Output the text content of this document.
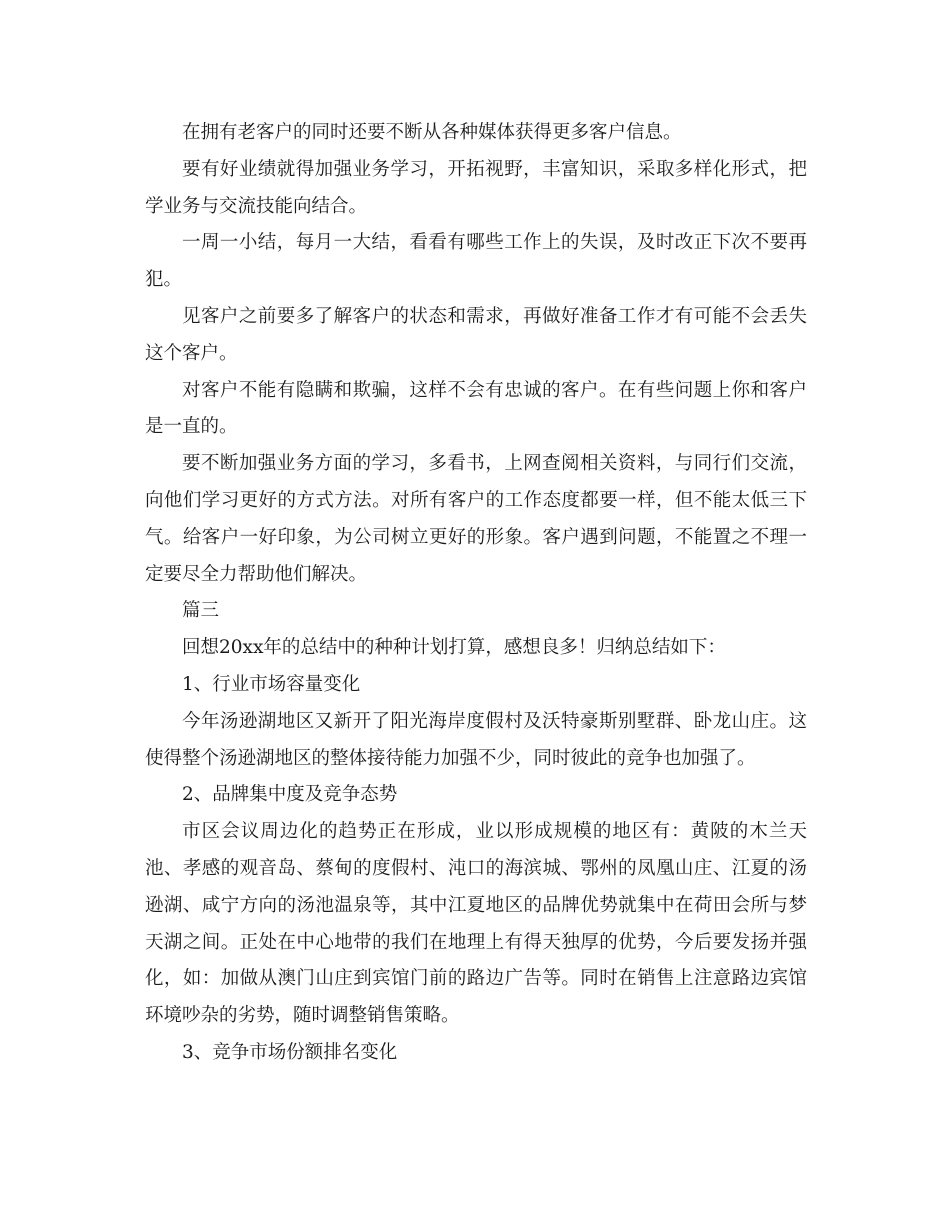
在拥有老客户的同时还要不断从各种媒体获得更多客户信息。

要有好业绩就得加强业务学习，开拓视野，丰富知识，采取多样化形式，把学业务与交流技能向结合。

一周一小结，每月一大结，看看有哪些工作上的失误，及时改正下次不要再犯。

见客户之前要多了解客户的状态和需求，再做好准备工作才有可能不会丢失这个客户。

对客户不能有隐瞒和欺骗，这样不会有忠诚的客户。在有些问题上你和客户是一直的。

要不断加强业务方面的学习，多看书，上网查阅相关资料，与同行们交流，向他们学习更好的方式方法。对所有客户的工作态度都要一样，但不能太低三下气。给客户一好印象，为公司树立更好的形象。客户遇到问题，不能置之不理一定要尽全力帮助他们解决。

篇三

回想20xx年的总结中的种种计划打算，感想良多！归纳总结如下：

1、行业市场容量变化

今年汤逊湖地区又新开了阳光海岸度假村及沃特豪斯别墅群、卧龙山庄。这使得整个汤逊湖地区的整体接待能力加强不少，同时彼此的竞争也加强了。

2、品牌集中度及竞争态势

市区会议周边化的趋势正在形成，业以形成规模的地区有：黄陂的木兰天池、孝感的观音岛、蔡甸的度假村、沌口的海滨城、鄂州的凤凰山庄、江夏的汤逊湖、咸宁方向的汤池温泉等，其中江夏地区的品牌优势就集中在荷田会所与梦天湖之间。正处在中心地带的我们在地理上有得天独厚的优势，今后要发扬并强化，如：加做从澳门山庄到宾馆门前的路边广告等。同时在销售上注意路边宾馆环境吵杂的劣势，随时调整销售策略。

3、竞争市场份额排名变化
